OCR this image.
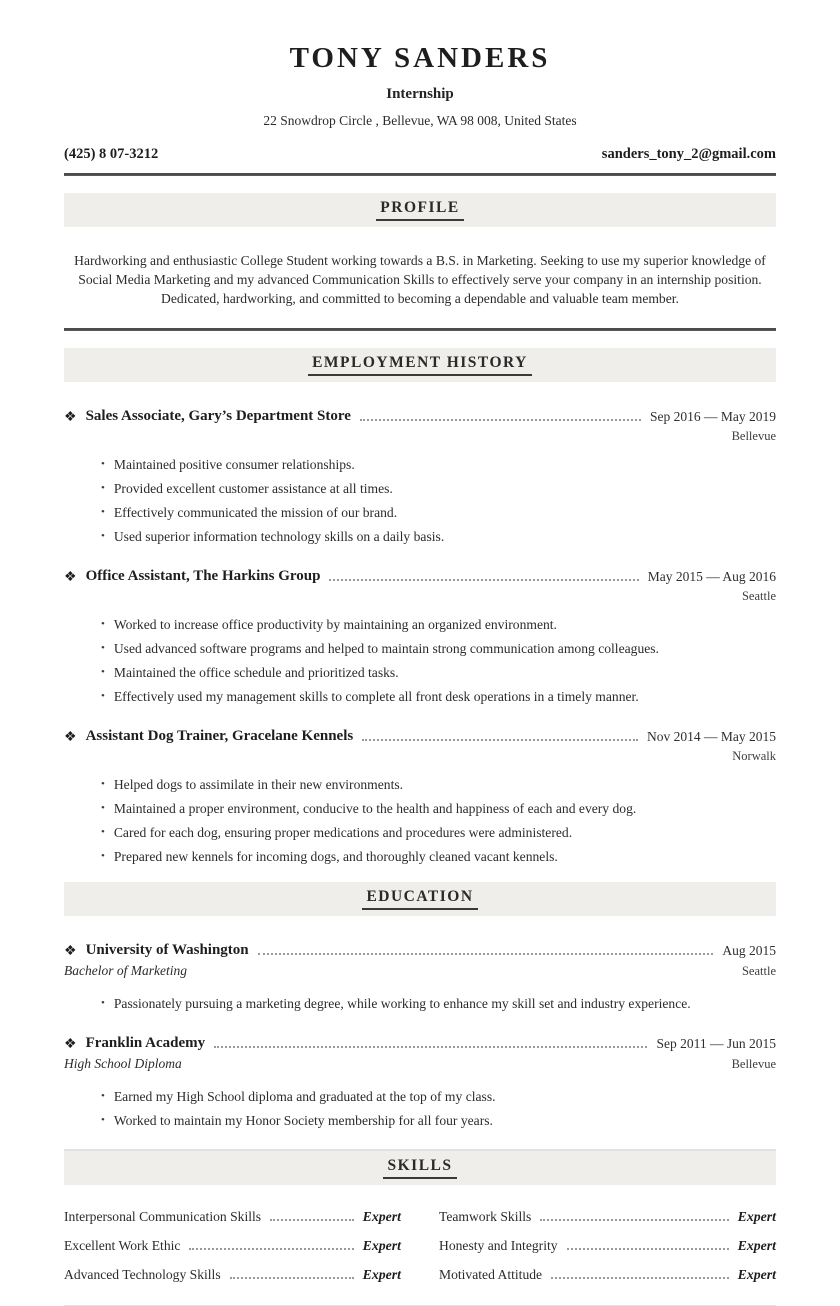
TONY SANDERS
Internship
22 Snowdrop Circle , Bellevue, WA 98 008, United States
(425) 8 07-3212	sanders_tony_2@gmail.com
PROFILE

Hardworking and enthusiastic College Student working towards a B.S. in Marketing. Seeking to use my superior knowledge of Social Media Marketing and my advanced Communication Skills to effectively serve your company in an internship position. Dedicated, hardworking, and committed to becoming a dependable and valuable team member.

EMPLOYMENT HISTORY
❖ Sales Associate, Gary’s Department Store	Sep 2016 — May 2019
Bellevue
• Maintained positive consumer relationships.
• Provided excellent customer assistance at all times.
• Effectively communicated the mission of our brand.
• Used superior information technology skills on a daily basis.
❖ Office Assistant, The Harkins Group	May 2015 — Aug 2016
Seattle
• Worked to increase office productivity by maintaining an organized environment.
• Used advanced software programs and helped to maintain strong communication among colleagues.
• Maintained the office schedule and prioritized tasks.
• Effectively used my management skills to complete all front desk operations in a timely manner.
❖ Assistant Dog Trainer, Gracelane Kennels	Nov 2014 — May 2015
Norwalk
• Helped dogs to assimilate in their new environments.
• Maintained a proper environment, conducive to the health and happiness of each and every dog.
• Cared for each dog, ensuring proper medications and procedures were administered.
• Prepared new kennels for incoming dogs, and thoroughly cleaned vacant kennels.
EDUCATION
❖ University of Washington	Aug 2015
Bachelor of Marketing	Seattle
• Passionately pursuing a marketing degree, while working to enhance my skill set and industry experience.
❖ Franklin Academy	Sep 2011 — Jun 2015
High School Diploma	Bellevue
• Earned my High School diploma and graduated at the top of my class.
• Worked to maintain my Honor Society membership for all four years.
SKILLS
Interpersonal Communication Skills	Expert
Excellent Work Ethic	Expert
Advanced Technology Skills	Expert
Teamwork Skills	Expert
Honesty and Integrity	Expert
Motivated Attitude	Expert
